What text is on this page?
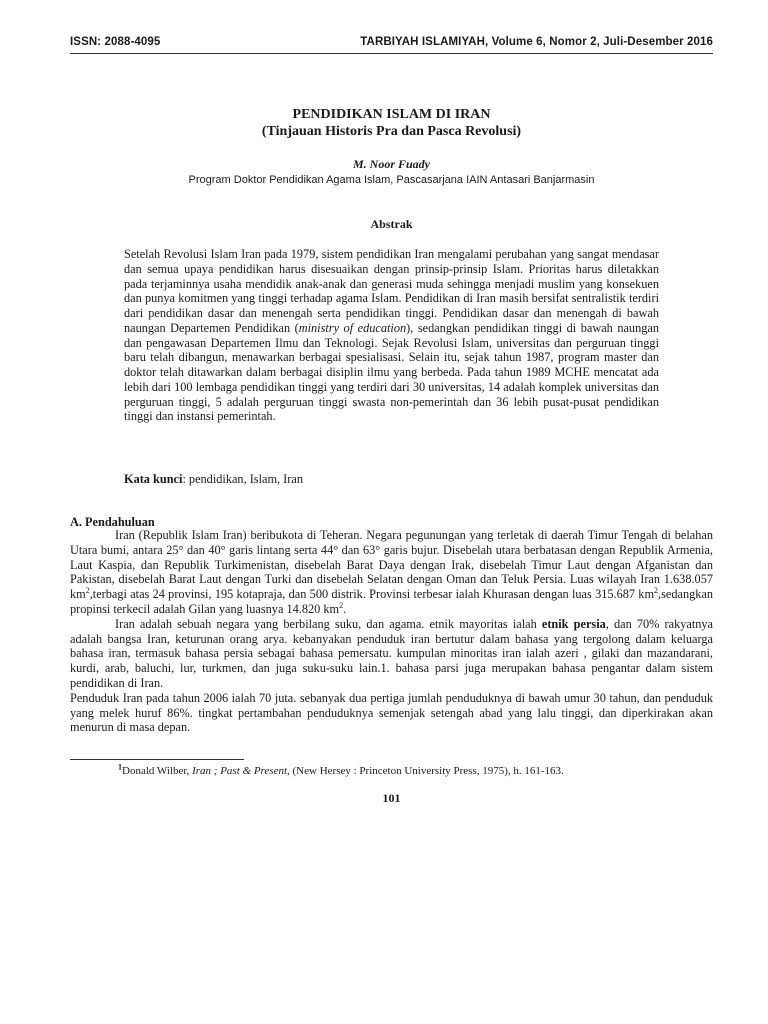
ISSN: 2088-4095	TARBIYAH ISLAMIYAH, Volume 6, Nomor 2, Juli-Desember 2016
PENDIDIKAN ISLAM DI IRAN
(Tinjauan Historis Pra dan Pasca Revolusi)
M. Noor Fuady
Program Doktor Pendidikan Agama Islam, Pascasarjana IAIN Antasari Banjarmasin
Abstrak
Setelah Revolusi Islam Iran pada 1979, sistem pendidikan Iran mengalami perubahan yang sangat mendasar dan semua upaya pendidikan harus disesuaikan dengan prinsip-prinsip Islam. Prioritas harus diletakkan pada terjaminnya usaha mendidik anak-anak dan generasi muda sehingga menjadi muslim yang konsekuen dan punya komitmen yang tinggi terhadap agama Islam. Pendidikan di Iran masih bersifat sentralistik terdiri dari pendidikan dasar dan menengah serta pendidikan tinggi. Pendidikan dasar dan menengah di bawah naungan Departemen Pendidikan (ministry of education), sedangkan pendidikan tinggi di bawah naungan dan pengawasan Departemen Ilmu dan Teknologi. Sejak Revolusi Islam, universitas dan perguruan tinggi baru telah dibangun, menawarkan berbagai spesialisasi. Selain itu, sejak tahun 1987, program master dan doktor telah ditawarkan dalam berbagai disiplin ilmu yang berbeda. Pada tahun 1989 MCHE mencatat ada lebih dari 100 lembaga pendidikan tinggi yang terdiri dari 30 universitas, 14 adalah komplek universitas dan perguruan tinggi, 5 adalah perguruan tinggi swasta non-pemerintah dan 36 lebih pusat-pusat pendidikan tinggi dan instansi pemerintah.
Kata kunci: pendidikan, Islam, Iran
A. Pendahuluan

Iran (Republik Islam Iran) beribukota di Teheran. Negara pegunungan yang terletak di daerah Timur Tengah di belahan Utara bumi, antara 25° dan 40° garis lintang serta 44° dan 63° garis bujur. Disebelah utara berbatasan dengan Republik Armenia, Laut Kaspia, dan Republik Turkimenistan, disebelah Barat Daya dengan Irak, disebelah Timur Laut dengan Afganistan dan Pakistan, disebelah Barat Laut dengan Turki dan disebelah Selatan dengan Oman dan Teluk Persia. Luas wilayah Iran 1.638.057 $km^2,terbagi$ atas 24 provinsi, 195 kotapraja, dan 500 distrik. Provinsi terbesar ialah Khurasan dengan luas 315.687 $km^2,sedangkan$ propinsi terkecil adalah Gilan yang luasnya 14.820 $km^2$.

Iran adalah sebuah negara yang berbilang suku, dan agama. etnik mayoritas ialah etnik persia, dan 70% rakyatnya adalah bangsa Iran, keturunan orang arya. kebanyakan penduduk iran bertutur dalam bahasa yang tergolong dalam keluarga bahasa iran, termasuk bahasa persia sebagai bahasa pemersatu. kumpulan minoritas iran ialah azeri , gilaki dan mazandarani, kurdi, arab, baluchi, lur, turkmen, dan juga suku-suku lain.1. bahasa parsi juga merupakan bahasa pengantar dalam sistem pendidikan di Iran.

Penduduk Iran pada tahun 2006 ialah 70 juta. sebanyak dua pertiga jumlah penduduknya di bawah umur 30 tahun, dan penduduk yang melek huruf 86%. tingkat pertambahan penduduknya semenjak setengah abad yang lalu tinggi, dan diperkirakan akan menurun di masa depan.

$^1$Donald Wilber, Iran ; Past & Present, (New Hersey : Princeton University Press, 1975), h. 161-163.
101
